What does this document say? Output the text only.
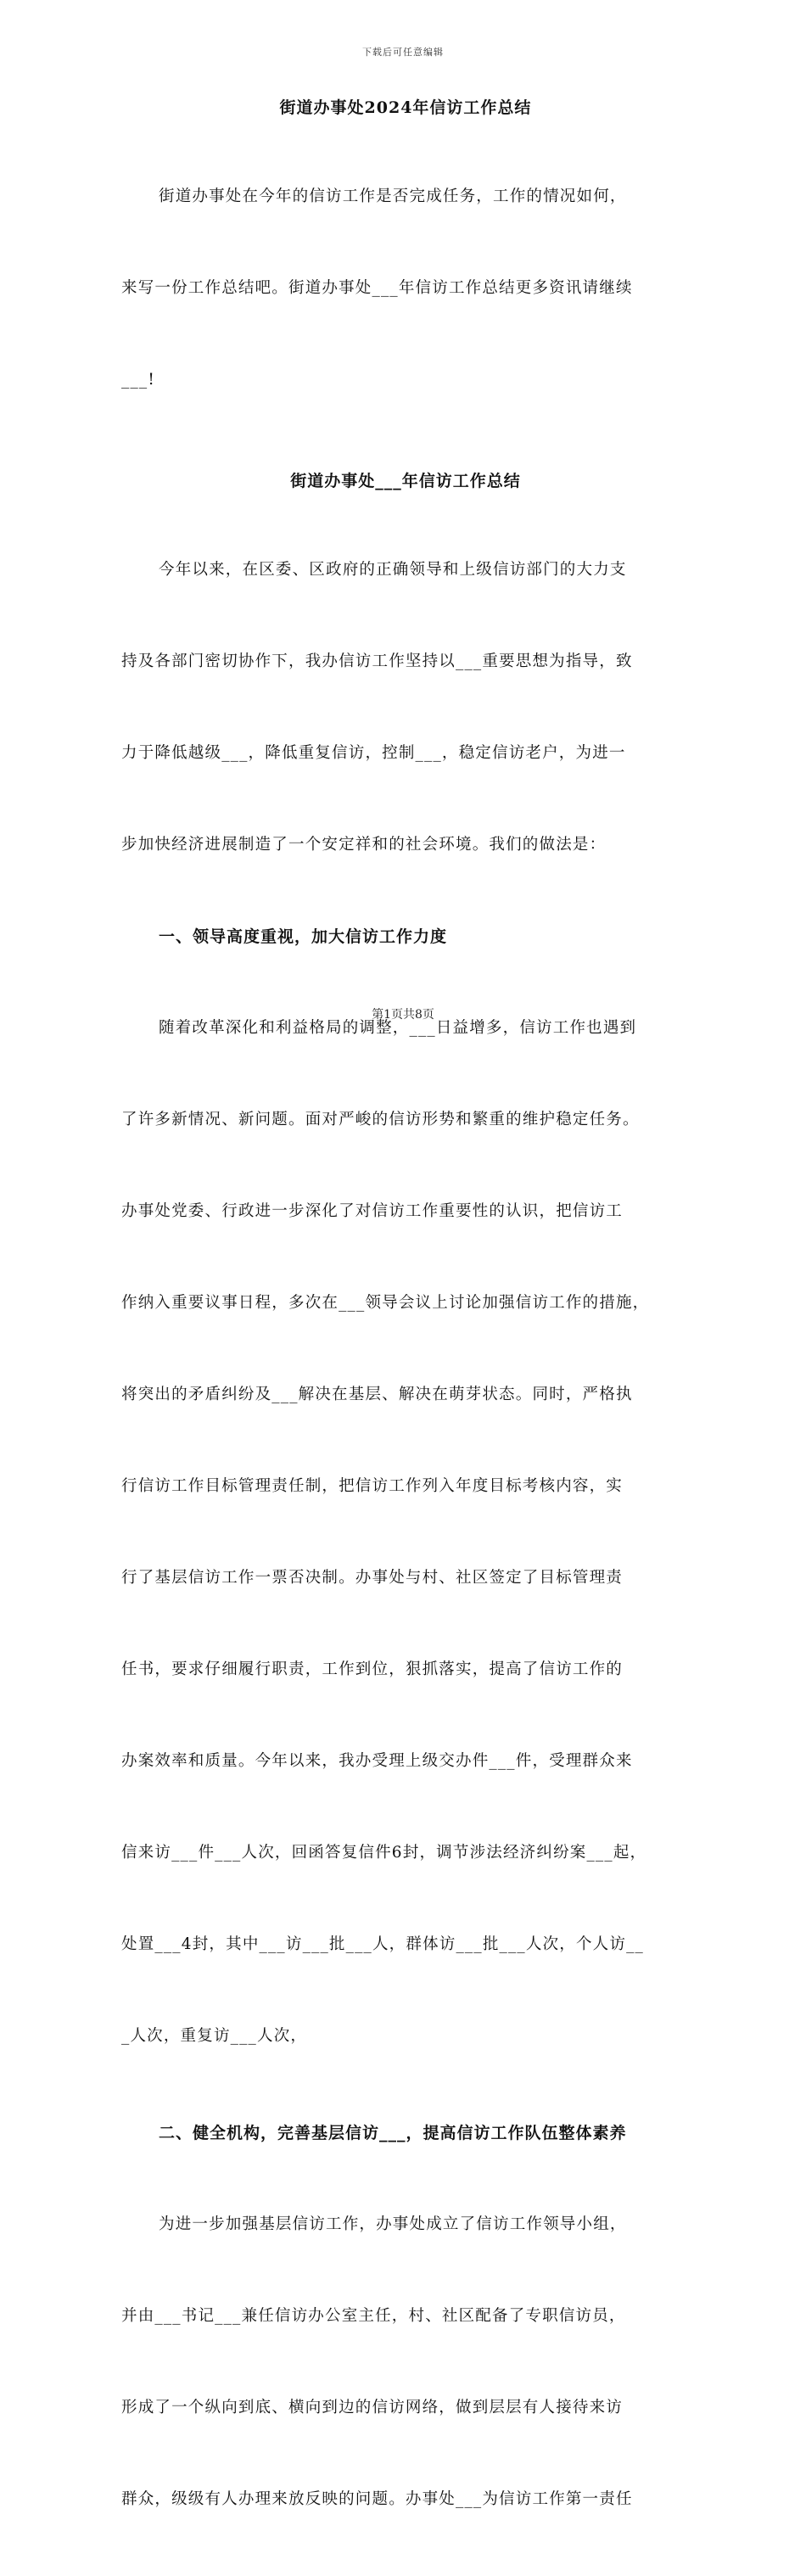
下载后可任意编辑
街道办事处2024年信访工作总结

街道办事处在今年的信访工作是否完成任务，工作的情况如何，

来写一份工作总结吧。街道办事处___年信访工作总结更多资讯请继续

___!

街道办事处___年信访工作总结

今年以来，在区委、区政府的正确领导和上级信访部门的大力支

持及各部门密切协作下，我办信访工作坚持以___重要思想为指导，致

力于降低越级___，降低重复信访，控制___，稳定信访老户，为进一

步加快经济进展制造了一个安定祥和的社会环境。我们的做法是：

一、领导高度重视，加大信访工作力度

随着改革深化和利益格局的调整，___日益增多，信访工作也遇到

了许多新情况、新问题。面对严峻的信访形势和繁重的维护稳定任务。

办事处党委、行政进一步深化了对信访工作重要性的认识，把信访工

作纳入重要议事日程，多次在___领导会议上讨论加强信访工作的措施，

将突出的矛盾纠纷及___解决在基层、解决在萌芽状态。同时，严格执

行信访工作目标管理责任制，把信访工作列入年度目标考核内容，实

行了基层信访工作一票否决制。办事处与村、社区签定了目标管理责

任书，要求仔细履行职责，工作到位，狠抓落实，提高了信访工作的

办案效率和质量。今年以来，我办受理上级交办件___件，受理群众来

信来访___件___人次，回函答复信件6封，调节涉法经济纠纷案___起，

处置___4封，其中___访___批___人，群体访___批___人次，个人访__

_人次，重复访___人次，

二、健全机构，完善基层信访___，提高信访工作队伍整体素养

为进一步加强基层信访工作，办事处成立了信访工作领导小组，

并由___书记___兼任信访办公室主任，村、社区配备了专职信访员，

形成了一个纵向到底、横向到边的信访网络，做到层层有人接待来访

群众，级级有人办理来放反映的问题。办事处___为信访工作第一责任

第1页共8页
